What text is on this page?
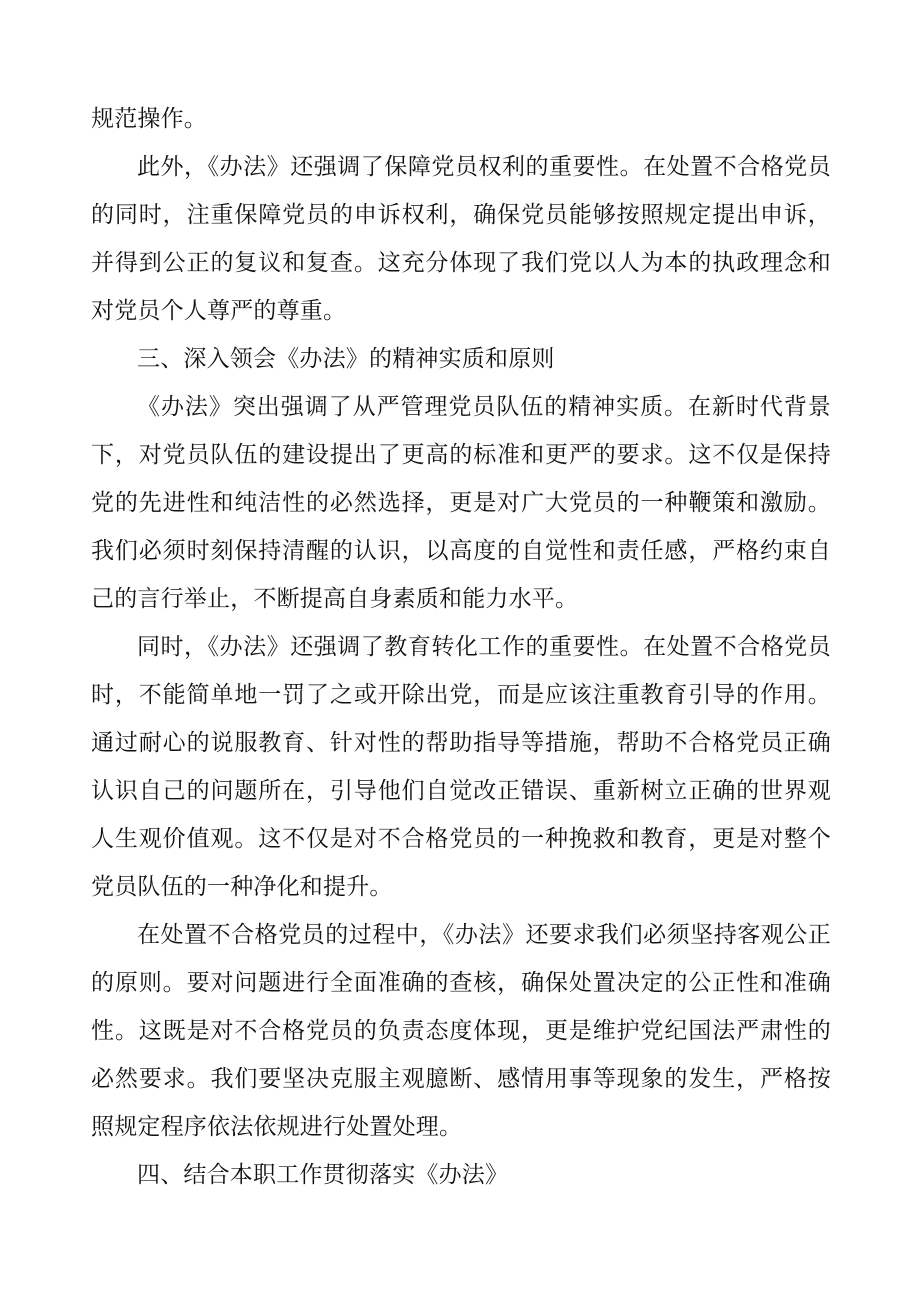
规范操作。

此外，《办法》还强调了保障党员权利的重要性。在处置不合格党员的同时，注重保障党员的申诉权利，确保党员能够按照规定提出申诉，并得到公正的复议和复查。这充分体现了我们党以人为本的执政理念和对党员个人尊严的尊重。

三、深入领会《办法》的精神实质和原则

《办法》突出强调了从严管理党员队伍的精神实质。在新时代背景下，对党员队伍的建设提出了更高的标准和更严的要求。这不仅是保持党的先进性和纯洁性的必然选择，更是对广大党员的一种鞭策和激励。我们必须时刻保持清醒的认识，以高度的自觉性和责任感，严格约束自己的言行举止，不断提高自身素质和能力水平。

同时，《办法》还强调了教育转化工作的重要性。在处置不合格党员时，不能简单地一罚了之或开除出党，而是应该注重教育引导的作用。通过耐心的说服教育、针对性的帮助指导等措施，帮助不合格党员正确认识自己的问题所在，引导他们自觉改正错误、重新树立正确的世界观人生观价值观。这不仅是对不合格党员的一种挽救和教育，更是对整个党员队伍的一种净化和提升。

在处置不合格党员的过程中，《办法》还要求我们必须坚持客观公正的原则。要对问题进行全面准确的查核，确保处置决定的公正性和准确性。这既是对不合格党员的负责态度体现，更是维护党纪国法严肃性的必然要求。我们要坚决克服主观臆断、感情用事等现象的发生，严格按照规定程序依法依规进行处置处理。

四、结合本职工作贯彻落实《办法》
